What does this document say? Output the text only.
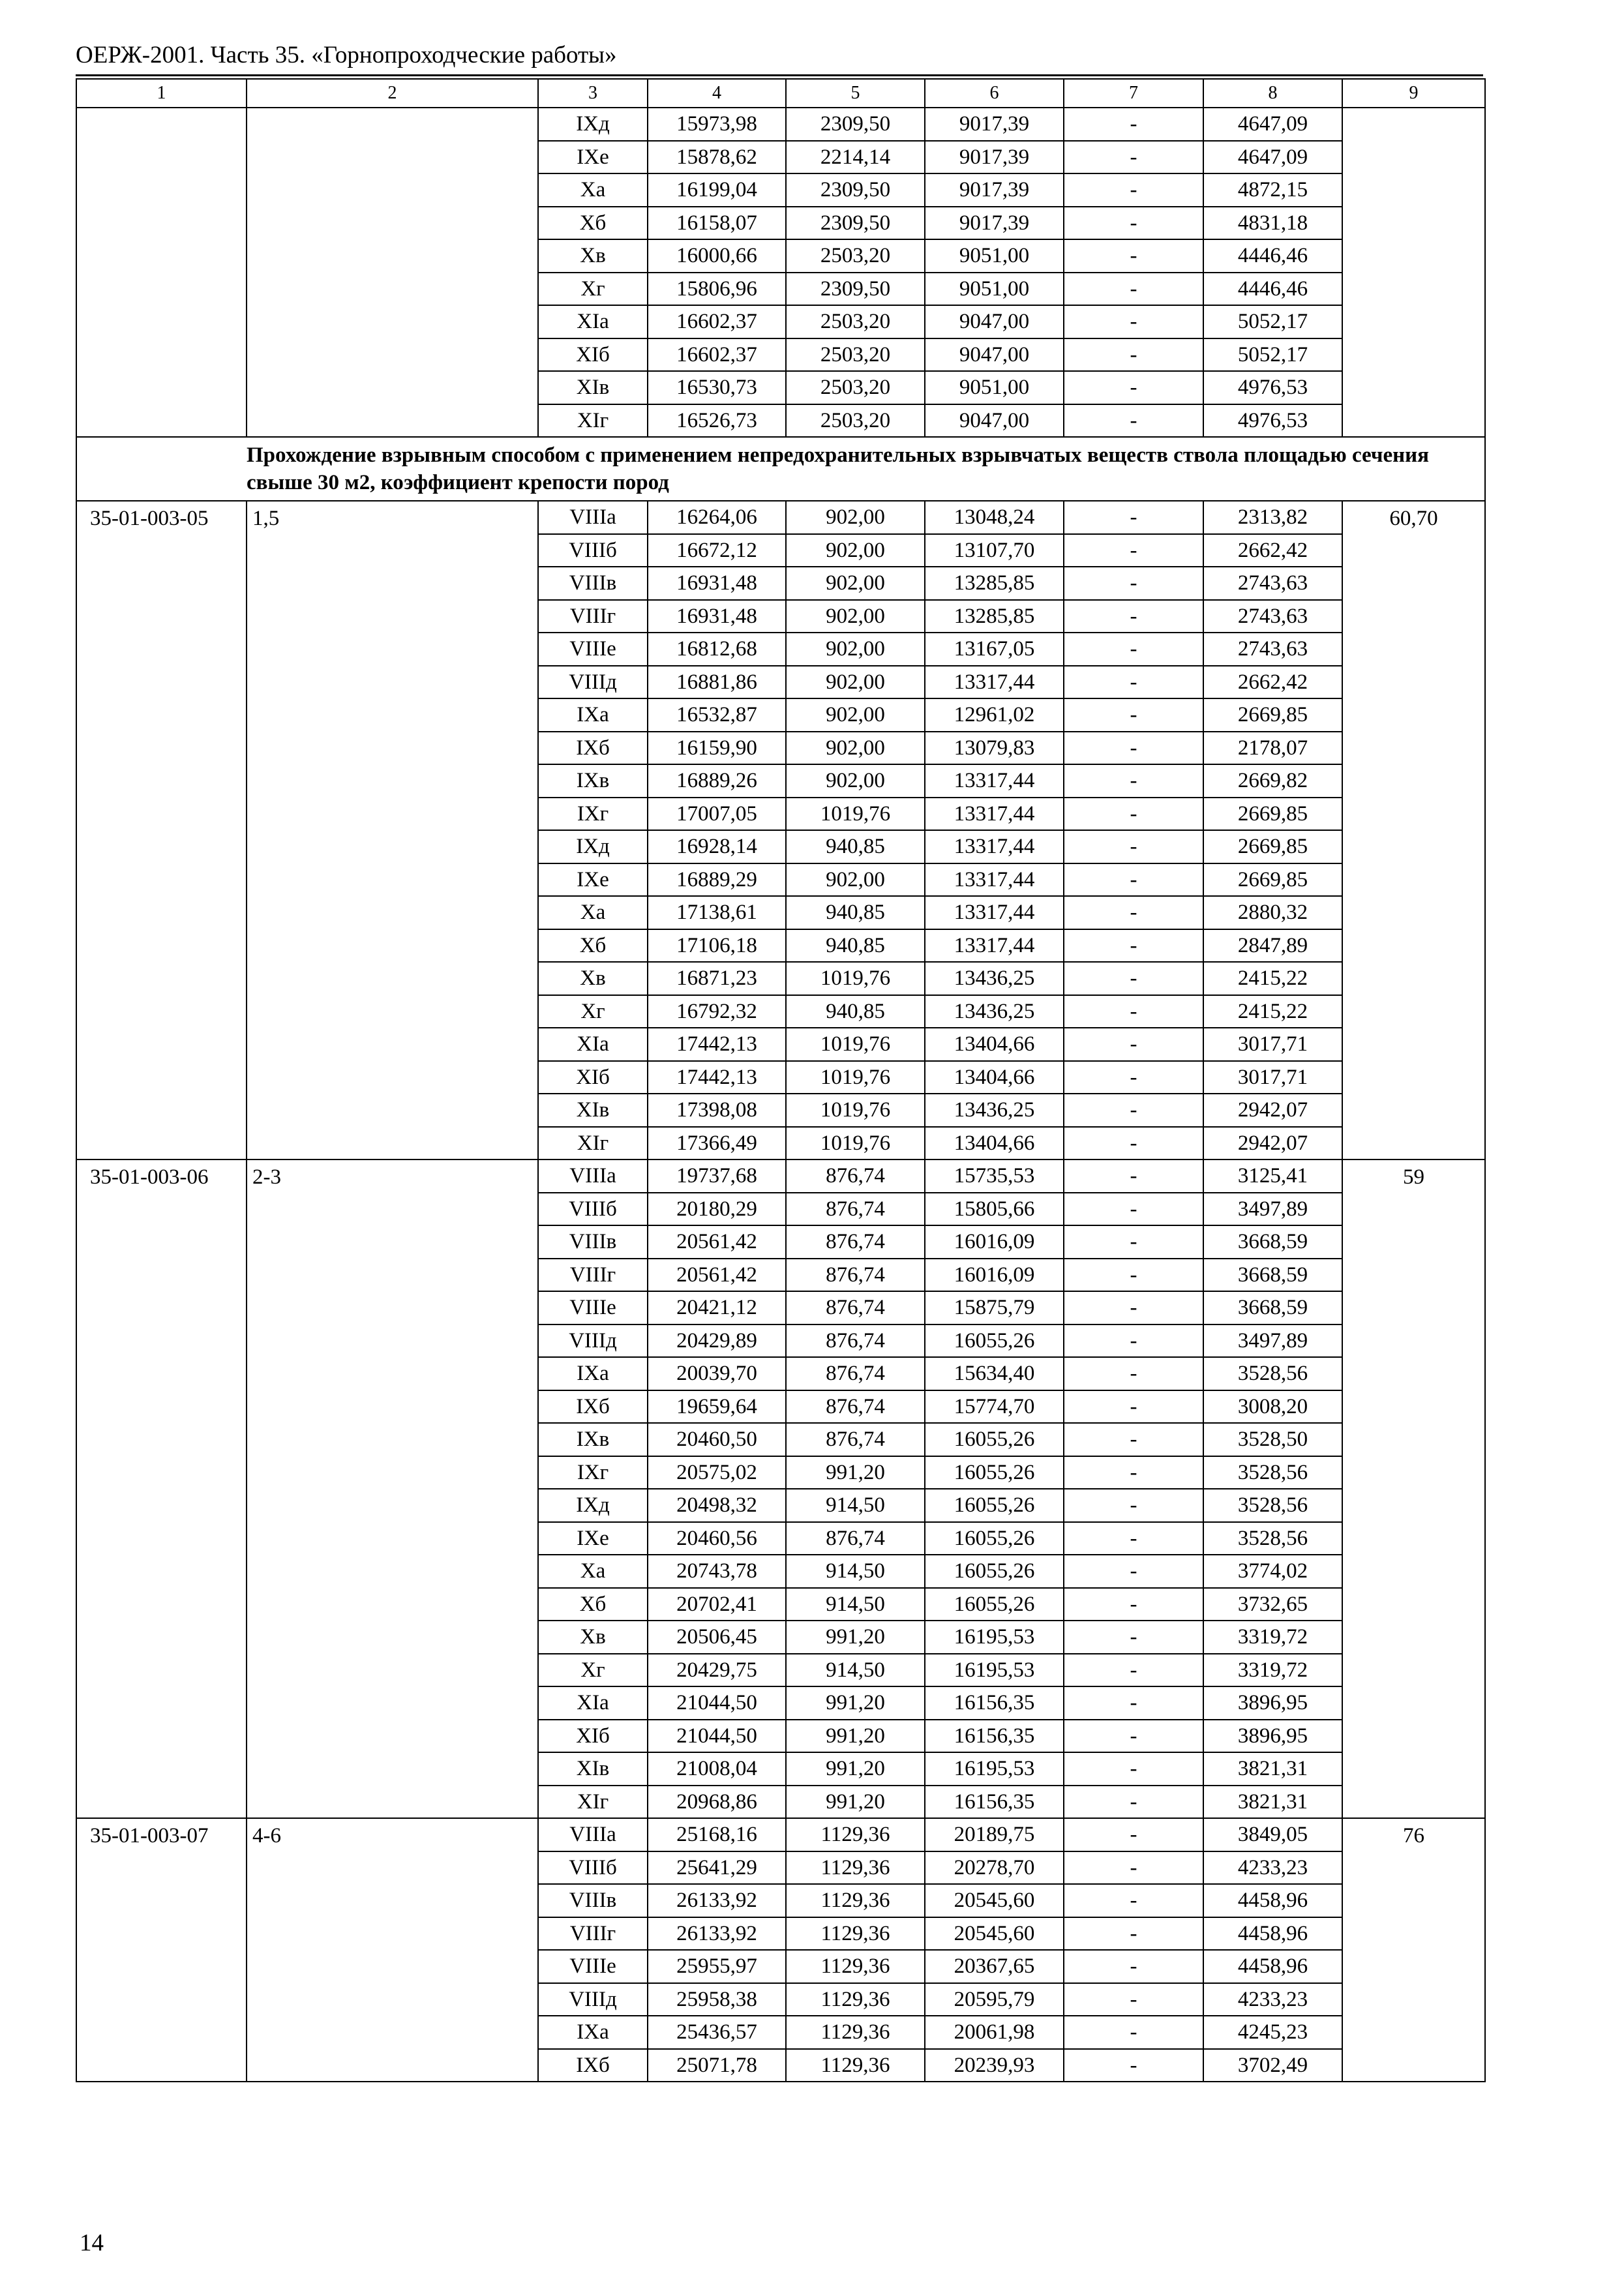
ОЕРЖ-2001. Часть 35. «Горнопроходческие работы»
1	2	3	4	5	6	7	8	9
		IXд	15973,98	2309,50	9017,39	-	4647,09	
		IXе	15878,62	2214,14	9017,39	-	4647,09	
		Xа	16199,04	2309,50	9017,39	-	4872,15	
		Xб	16158,07	2309,50	9017,39	-	4831,18	
		Xв	16000,66	2503,20	9051,00	-	4446,46	
		Xг	15806,96	2309,50	9051,00	-	4446,46	
		XIа	16602,37	2503,20	9047,00	-	5052,17	
		XIб	16602,37	2503,20	9047,00	-	5052,17	
		XIв	16530,73	2503,20	9051,00	-	4976,53	
		XIг	16526,73	2503,20	9047,00	-	4976,53	
Прохождение взрывным способом с применением непредохранительных взрывчатых веществ ствола площадью сечения свыше 30 м2, коэффициент крепости пород								
35-01-003-05	1,5	VIIIа	16264,06	902,00	13048,24	-	2313,82	60,70
		VIIIб	16672,12	902,00	13107,70	-	2662,42	
		VIIIв	16931,48	902,00	13285,85	-	2743,63	
		VIIIг	16931,48	902,00	13285,85	-	2743,63	
		VIIIе	16812,68	902,00	13167,05	-	2743,63	
		VIIIд	16881,86	902,00	13317,44	-	2662,42	
		IXа	16532,87	902,00	12961,02	-	2669,85	
		IXб	16159,90	902,00	13079,83	-	2178,07	
		IXв	16889,26	902,00	13317,44	-	2669,82	
		IXг	17007,05	1019,76	13317,44	-	2669,85	
		IXд	16928,14	940,85	13317,44	-	2669,85	
		IXе	16889,29	902,00	13317,44	-	2669,85	
		Xа	17138,61	940,85	13317,44	-	2880,32	
		Xб	17106,18	940,85	13317,44	-	2847,89	
		Xв	16871,23	1019,76	13436,25	-	2415,22	
		Xг	16792,32	940,85	13436,25	-	2415,22	
		XIа	17442,13	1019,76	13404,66	-	3017,71	
		XIб	17442,13	1019,76	13404,66	-	3017,71	
		XIв	17398,08	1019,76	13436,25	-	2942,07	
		XIг	17366,49	1019,76	13404,66	-	2942,07	
35-01-003-06	2-3	VIIIа	19737,68	876,74	15735,53	-	3125,41	59
		VIIIб	20180,29	876,74	15805,66	-	3497,89	
		VIIIв	20561,42	876,74	16016,09	-	3668,59	
		VIIIг	20561,42	876,74	16016,09	-	3668,59	
		VIIIе	20421,12	876,74	15875,79	-	3668,59	
		VIIIд	20429,89	876,74	16055,26	-	3497,89	
		IXа	20039,70	876,74	15634,40	-	3528,56	
		IXб	19659,64	876,74	15774,70	-	3008,20	
		IXв	20460,50	876,74	16055,26	-	3528,50	
		IXг	20575,02	991,20	16055,26	-	3528,56	
		IXд	20498,32	914,50	16055,26	-	3528,56	
		IXе	20460,56	876,74	16055,26	-	3528,56	
		Xа	20743,78	914,50	16055,26	-	3774,02	
		Xб	20702,41	914,50	16055,26	-	3732,65	
		Xв	20506,45	991,20	16195,53	-	3319,72	
		Xг	20429,75	914,50	16195,53	-	3319,72	
		XIа	21044,50	991,20	16156,35	-	3896,95	
		XIб	21044,50	991,20	16156,35	-	3896,95	
		XIв	21008,04	991,20	16195,53	-	3821,31	
		XIг	20968,86	991,20	16156,35	-	3821,31	
35-01-003-07	4-6	VIIIа	25168,16	1129,36	20189,75	-	3849,05	76
		VIIIб	25641,29	1129,36	20278,70	-	4233,23	
		VIIIв	26133,92	1129,36	20545,60	-	4458,96	
		VIIIг	26133,92	1129,36	20545,60	-	4458,96	
		VIIIе	25955,97	1129,36	20367,65	-	4458,96	
		VIIIд	25958,38	1129,36	20595,79	-	4233,23	
		IXа	25436,57	1129,36	20061,98	-	4245,23	
		IXб	25071,78	1129,36	20239,93	-	3702,49	
14
